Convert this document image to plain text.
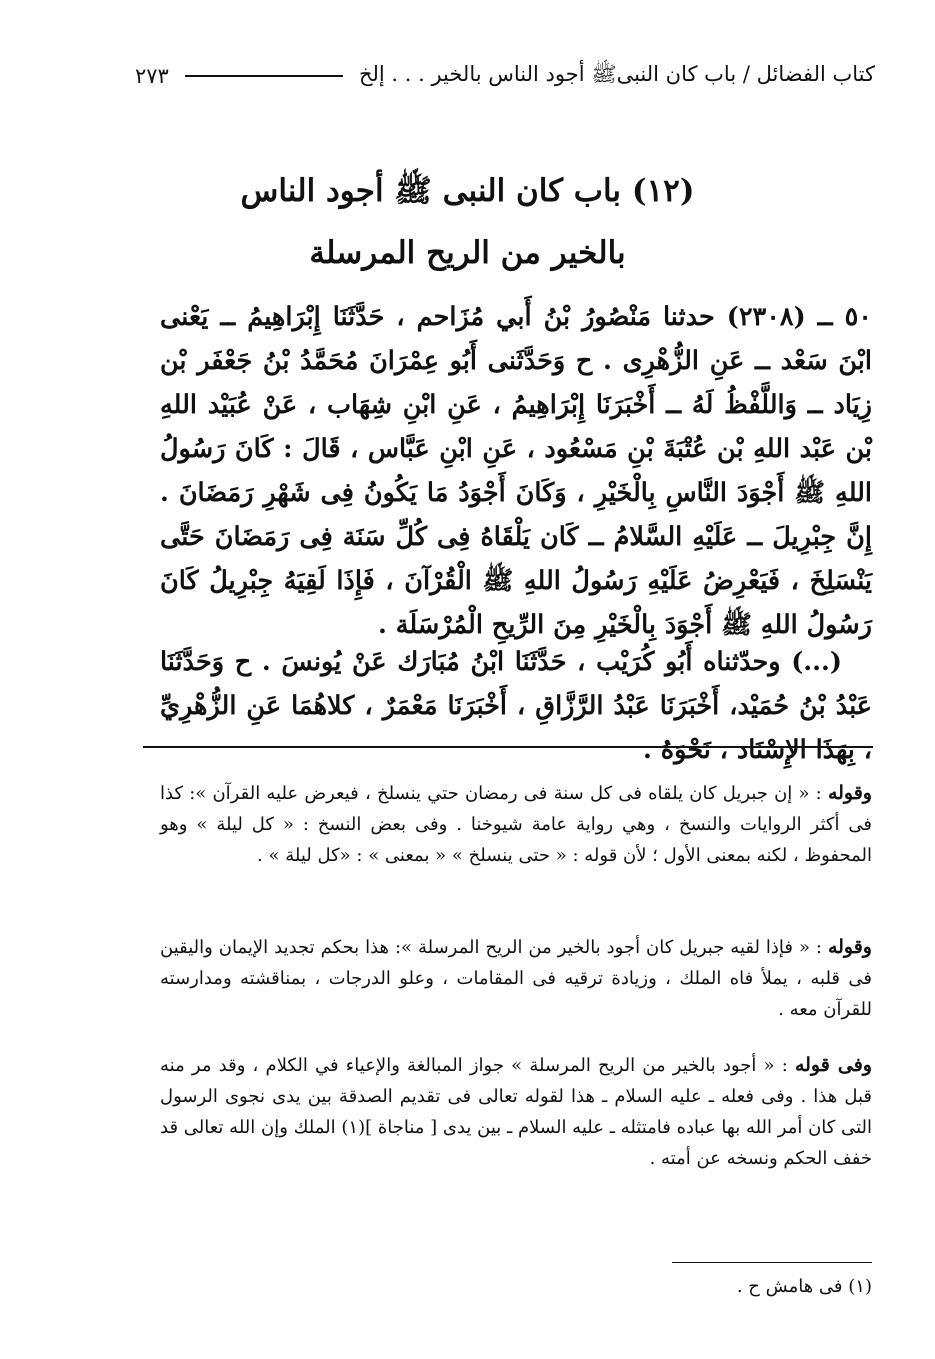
كتاب الفضائل / باب كان النبىﷺ أجود الناس بالخير . . . إلخ
٢٧٣
(١٢) باب كان النبى ﷺ أجود الناس
بالخير من الريح المرسلة
٥٠ ــ (٢٣٠٨) حدثنا مَنْصُورُ بْنُ أَبي مُزَاحم ، حَدَّثَنَا إِبْرَاهِيمُ ــ يَعْنى ابْنَ سَعْد ــ عَنِ الزُّهْرِى . ح وَحَدَّثَنى أَبُو عِمْرَانَ مُحَمَّدُ بْنُ جَعْفَر بْن زِيَاد ــ وَاللَّفْظُ لَهُ ــ أَخْبَرَنَا إِبْرَاهِيمُ ، عَنِ ابْنِ شِهَاب ، عَنْ عُبَيْد اللهِ بْن عَبْد اللهِ بْن عُتْبَةَ بْنِ مَسْعُود ، عَنِ ابْنِ عَبَّاس ، قَالَ : كَانَ رَسُولُ اللهِ ﷺ أَجْوَدَ النَّاسِ بِالْخَيْرِ ، وَكَانَ أَجْوَدُ مَا يَكُونُ فِى شَهْرِ رَمَضَانَ . إِنَّ جِبْرِيلَ ــ عَلَيْهِ السَّلامُ ــ كَان يَلْقَاهُ فِى كُلِّ سَنَة فِى رَمَضَانَ حَتَّى يَنْسَلِخَ ، فَيَعْرِضُ عَلَيْهِ رَسُولُ اللهِ ﷺ الْقُرْآنَ ، فَإِذَا لَقِيَهُ جِبْرِيلُ كَانَ رَسُولُ اللهِ ﷺ أَجْوَدَ بِالْخَيْرِ مِنَ الرِّيحِ الْمُرْسَلَة .
(...) وحدّثناه أَبُو كُرَيْب ، حَدَّثَنَا ابْنُ مُبَارَك عَنْ يُونسَ . ح وَحَدَّثَنَا عَبْدُ بْنُ حُمَيْد، أَخْبَرَنَا عَبْدُ الرَّزَّاقِ ، أَخْبَرَنَا مَعْمَرٌ ، كلاهُمَا عَنِ الزُّهْرِيِّ ، بِهَذَا الإِسْنَاد ، نَحْوَهُ .
وقوله : « إن جبريل كان يلقاه فى كل سنة فى رمضان حتي ينسلخ ، فيعرض عليه القرآن »: كذا فى أكثر الروايات والنسخ ، وهي رواية عامة شيوخنا . وفى بعض النسخ : « كل ليلة » وهو المحفوظ ، لكنه بمعنى الأول ؛ لأن قوله : « حتى ينسلخ » « بمعنى » : «كل ليلة » .
وقوله : « فإذا لقيه جبريل كان أجود بالخير من الريح المرسلة »: هذا بحكم تجديد الإيمان واليقين فى قلبه ، يملأ فاه الملك ، وزيادة ترقيه فى المقامات ، وعلو الدرجات ، بمناقشته ومدارسته للقرآن معه .
وفى قوله : « أجود بالخير من الريح المرسلة » جواز المبالغة والإعياء في الكلام ، وقد مر منه قبل هذا . وفى فعله ـ عليه السلام ـ هذا لقوله تعالى فى تقديم الصدقة بين يدى نجوى الرسول التى كان أمر الله بها عباده فامتثله ـ عليه السلام ـ بين يدى [ مناجاة ](١) الملك وإن الله تعالى قد خفف الحكم ونسخه عن أمته .
(١) فى هامش ح .
